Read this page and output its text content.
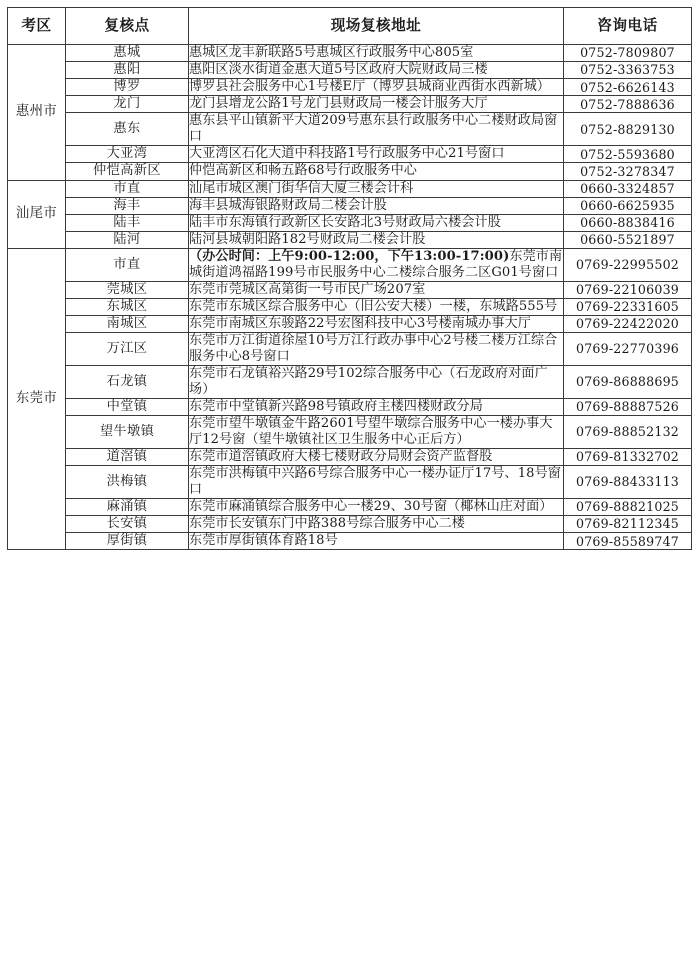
考区	复核点	现场复核地址	咨询电话
惠州市	惠城	惠城区龙丰新联路5号惠城区行政服务中心805室	0752-7809807
	惠阳	惠阳区淡水街道金惠大道5号区政府大院财政局三楼	0752-3363753
	博罗	博罗县社会服务中心1号楼E厅（博罗县城商业西街水西新城）	0752-6626143
	龙门	龙门县增龙公路1号龙门县财政局一楼会计服务大厅	0752-7888636
	惠东	惠东县平山镇新平大道209号惠东县行政服务中心二楼财政局窗口	0752-8829130
	大亚湾	大亚湾区石化大道中科技路1号行政服务中心21号窗口	0752-5593680
	仲恺高新区	仲恺高新区和畅五路68号行政服务中心	0752-3278347
汕尾市	市直	汕尾市城区澳门街华信大厦三楼会计科	0660-3324857
	海丰	海丰县城海银路财政局二楼会计股	0660-6625935
	陆丰	陆丰市东海镇行政新区长安路北3号财政局六楼会计股	0660-8838416
	陆河	陆河县城朝阳路182号财政局二楼会计股	0660-5521897
东莞市	市直	（办公时间：上午9:00-12:00，下午13:00-17:00)东莞市南城街道鸿福路199号市民服务中心二楼综合服务二区G01号窗口	0769-22995502
	莞城区	东莞市莞城区高第街一号市民广场207室	0769-22106039
	东城区	东莞市东城区综合服务中心（旧公安大楼）一楼，东城路555号	0769-22331605
	南城区	东莞市南城区东骏路22号宏图科技中心3号楼南城办事大厅	0769-22422020
	万江区	东莞市万江街道徐屋10号万江行政办事中心2号楼二楼万江综合服务中心8号窗口	0769-22770396
	石龙镇	东莞市石龙镇裕兴路29号102综合服务中心（石龙政府对面广场）	0769-86888695
	中堂镇	东莞市中堂镇新兴路98号镇政府主楼四楼财政分局	0769-88887526
	望牛墩镇	东莞市望牛墩镇金牛路2601号望牛墩综合服务中心一楼办事大厅12号窗（望牛墩镇社区卫生服务中心正后方）	0769-88852132
	道滘镇	东莞市道滘镇政府大楼七楼财政分局财会资产监督股	0769-81332702
	洪梅镇	东莞市洪梅镇中兴路6号综合服务中心一楼办证厅17号、18号窗口	0769-88433113
	麻涌镇	东莞市麻涌镇综合服务中心一楼29、30号窗（椰林山庄对面）	0769-88821025
	长安镇	东莞市长安镇东门中路388号综合服务中心二楼	0769-82112345
	厚街镇	东莞市厚街镇体育路18号	0769-85589747
